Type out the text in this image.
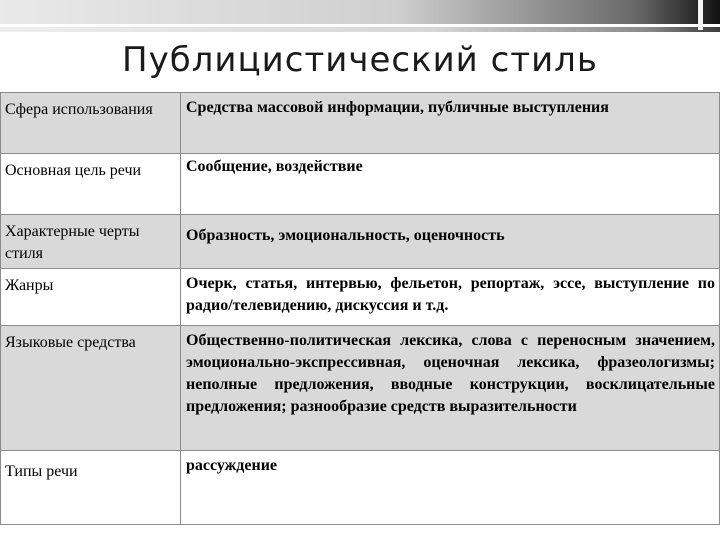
Публицистический стиль
Сфера использования	Средства массовой информации, публичные выступления
Основная цель речи	Сообщение, воздействие
Характерные черты стиля	Образность, эмоциональность, оценочность
Жанры	Очерк, статья, интервью, фельетон, репортаж, эссе, выступление по радио/телевидению, дискуссия и т.д.
Языковые средства	Общественно-политическая лексика, слова с переносным значением, эмоционально-экспрессивная, оценочная лексика, фразеологизмы; неполные предложения, вводные конструкции, восклицательные предложения; разнообразие средств выразительности
Типы речи	рассуждение
